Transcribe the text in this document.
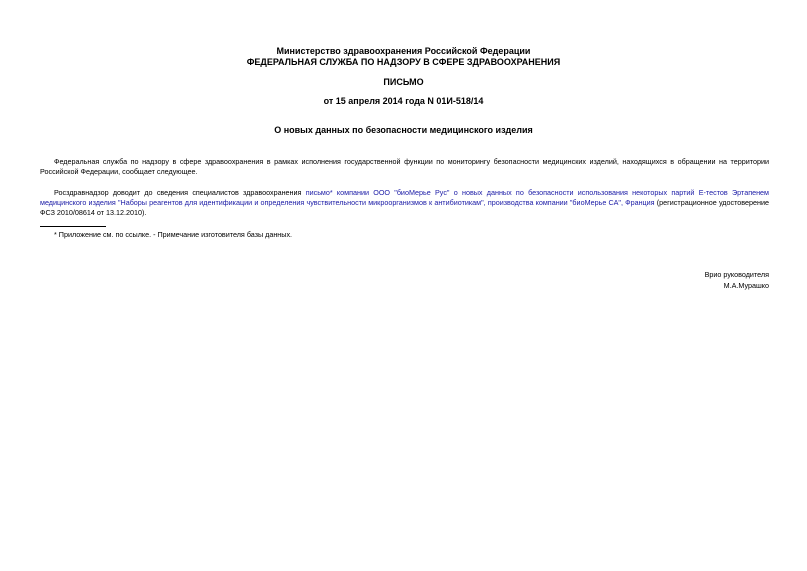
Министерство здравоохранения Российской Федерации
ФЕДЕРАЛЬНАЯ СЛУЖБА ПО НАДЗОРУ В СФЕРЕ ЗДРАВООХРАНЕНИЯ
ПИСЬМО
от 15 апреля 2014 года N 01И-518/14
О новых данных по безопасности медицинского изделия
Федеральная служба по надзору в сфере здравоохранения в рамках исполнения государственной функции по мониторингу безопасности медицинских изделий, находящихся в обращении на территории Российской Федерации, сообщает следующее.
Росздравнадзор доводит до сведения специалистов здравоохранения письмо* компании ООО "биоМерье Рус" о новых данных по безопасности использования некоторых партий Е-тестов Эртапенем медицинского изделия "Наборы реагентов для идентификации и определения чувствительности микроорганизмов к антибиотикам", производства компании "биоМерье СА", Франция (регистрационное удостоверение ФСЗ 2010/08614 от 13.12.2010).
* Приложение см. по ссылке. - Примечание изготовителя базы данных.
Врио руководителя
М.А.Мурашко
